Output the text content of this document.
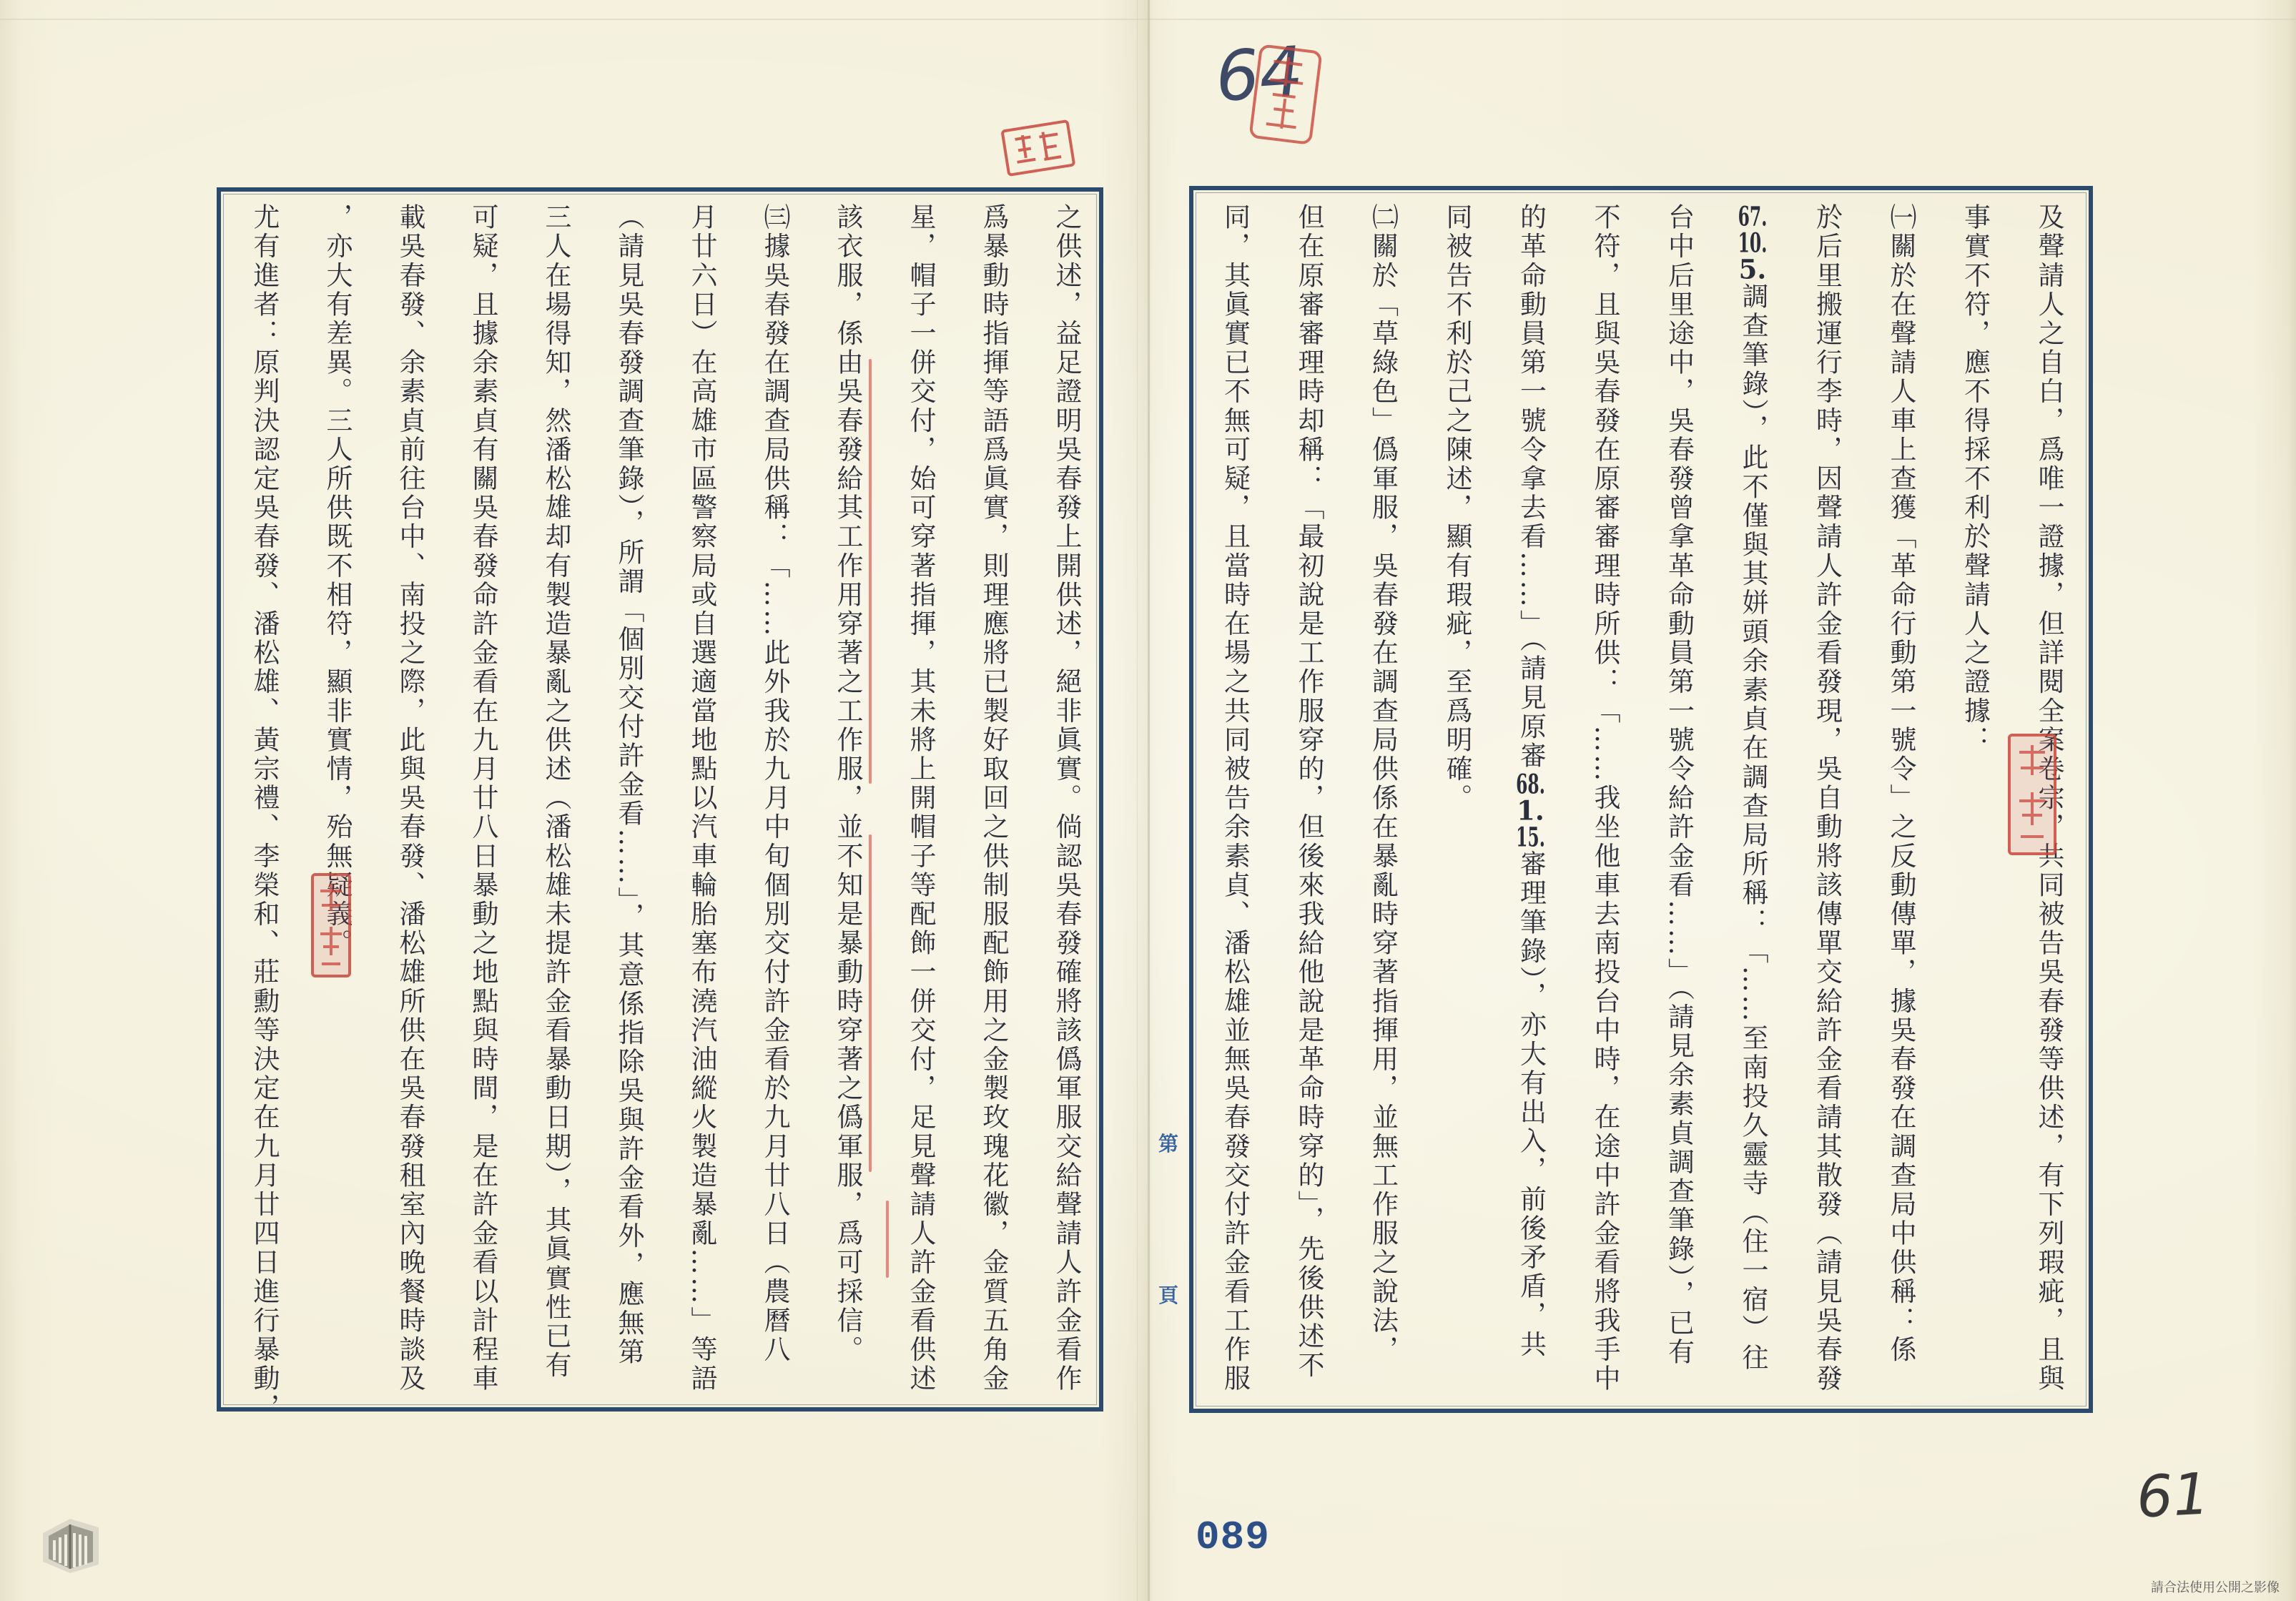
之供述，益足證明吳春發上開供述，絕非眞實。倘認吳春發確將該僞軍服交給聲請人許金看作
爲暴動時指揮等語爲眞實，則理應將已製好取回之供制服配飾用之金製玫瑰花徽，金質五角金
星，帽子一併交付，始可穿著指揮，其未將上開帽子等配飾一併交付，足見聲請人許金看供述
該衣服，係由吳春發給其工作用穿著之工作服，並不知是暴動時穿著之僞軍服，爲可採信。
㈢據吳春發在調查局供稱：「……此外我於九月中旬個別交付許金看於九月廿八日（農曆八
月廿六日）在高雄市區警察局或自選適當地點以汽車輪胎塞布澆汽油縱火製造暴亂……」等語
（請見吳春發調查筆錄），所謂「個別交付許金看……」，其意係指除吳與許金看外，應無第
三人在場得知，然潘松雄却有製造暴亂之供述（潘松雄未提許金看暴動日期），其眞實性已有
可疑，且據余素貞有關吳春發命許金看在九月廿八日暴動之地點與時間，是在許金看以計程車
載吳春發、余素貞前往台中、南投之際，此與吳春發、潘松雄所供在吳春發租室內晚餐時談及
，亦大有差異。三人所供既不相符，顯非實情，殆無疑義。
尤有進者：原判決認定吳春發、潘松雄、黃宗禮、李榮和、莊勳等決定在九月廿四日進行暴動，	及聲請人之自白，爲唯一證據，但詳閱全案卷宗，共同被告吳春發等供述，有下列瑕疵，且與
事實不符，應不得採不利於聲請人之證據：
㈠關於在聲請人車上查獲「革命行動第一號令」之反動傳單，據吳春發在調查局中供稱：係
於后里搬運行李時，因聲請人許金看發現，吳自動將該傳單交給許金看請其散發（請見吳春發
67.10.5.調查筆錄），此不僅與其姘頭余素貞在調查局所稱：「……至南投久靈寺（住一宿）往
台中后里途中，吳春發曾拿革命動員第一號令給許金看……」（請見余素貞調查筆錄），已有
不符，且與吳春發在原審審理時所供：「……我坐他車去南投台中時，在途中許金看將我手中
的革命動員第一號令拿去看……」（請見原審68.1.15.審理筆錄），亦大有出入，前後矛盾，共
同被告不利於己之陳述，顯有瑕疵，至爲明確。
㈡關於「草綠色」僞軍服，吳春發在調查局供係在暴亂時穿著指揮用，並無工作服之說法，
但在原審審理時却稱：「最初說是工作服穿的，但後來我給他說是革命時穿的」，先後供述不
同，其眞實已不無可疑，且當時在場之共同被告余素貞、潘松雄並無吳春發交付許金看工作服
第
頁
089
64
61
請合法使用公開之影像
